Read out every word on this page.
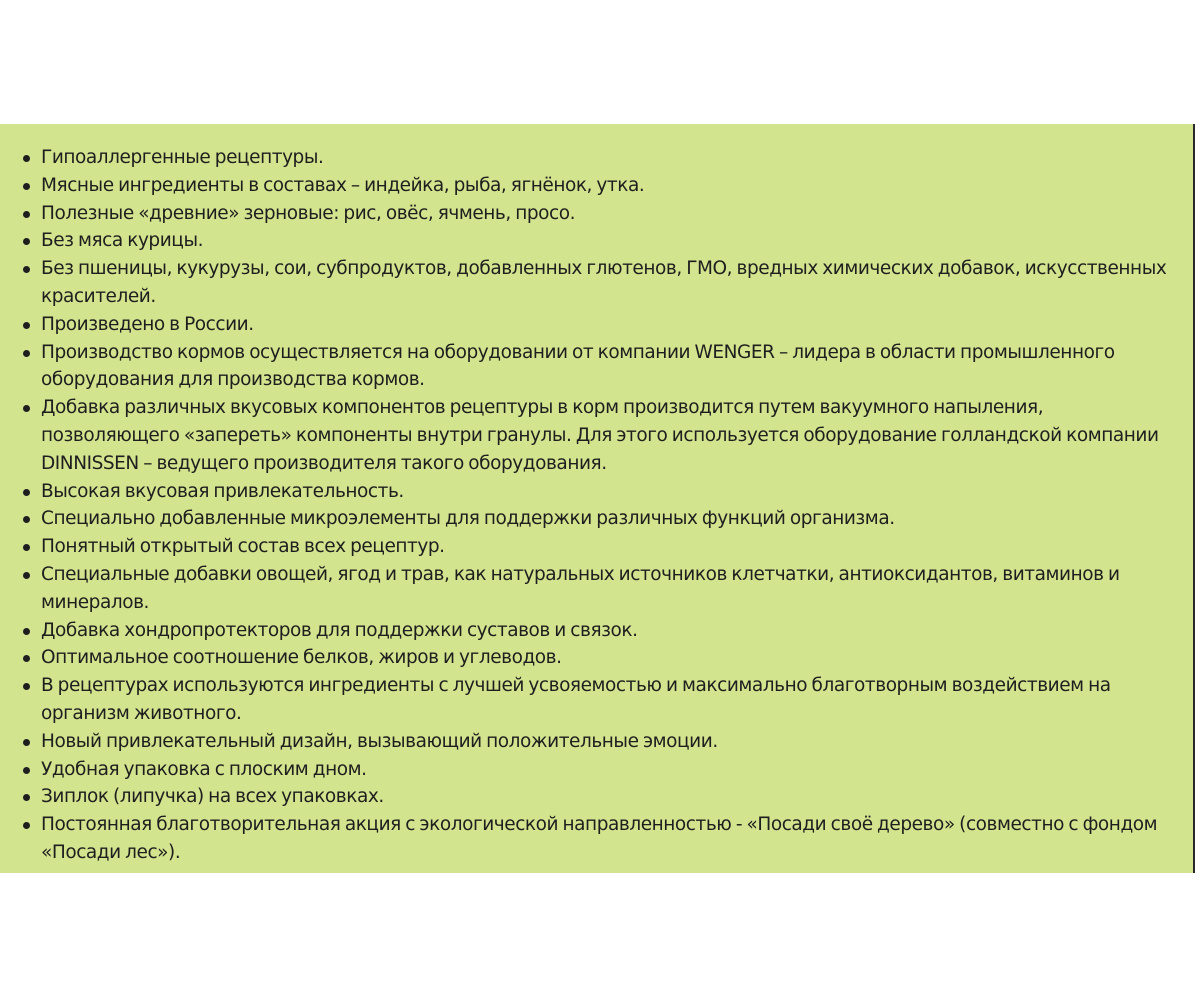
Гипоаллергенные рецептуры.
Мясные ингредиенты в составах – индейка, рыба, ягнёнок, утка.
Полезные «древние» зерновые: рис, овёс, ячмень, просо.
Без мяса курицы.
Без пшеницы, кукурузы, сои, субпродуктов, добавленных глютенов, ГМО, вредных химических добавок, искусственных красителей.
Произведено в России.
Производство кормов осуществляется на оборудовании от компании WENGER – лидера в области промышленного оборудования для производства кормов.
Добавка различных вкусовых компонентов рецептуры в корм производится путем вакуумного напыления, позволяющего «запереть» компоненты внутри гранулы. Для этого используется оборудование голландской компании DINNISSEN – ведущего производителя такого оборудования.
Высокая вкусовая привлекательность.
Специально добавленные микроэлементы для поддержки различных функций организма.
Понятный открытый состав всех рецептур.
Специальные добавки овощей, ягод и трав, как натуральных источников клетчатки, антиоксидантов, витаминов и минералов.
Добавка хондропротекторов для поддержки суставов и связок.
Оптимальное соотношение белков, жиров и углеводов.
В рецептурах используются ингредиенты с лучшей усвояемостью и максимально благотворным воздействием на организм животного.
Новый привлекательный дизайн, вызывающий положительные эмоции.
Удобная упаковка с плоским дном.
Зиплок (липучка) на всех упаковках.
Постоянная благотворительная акция с экологической направленностью - «Посади своё дерево» (совместно с фондом «Посади лес»).
